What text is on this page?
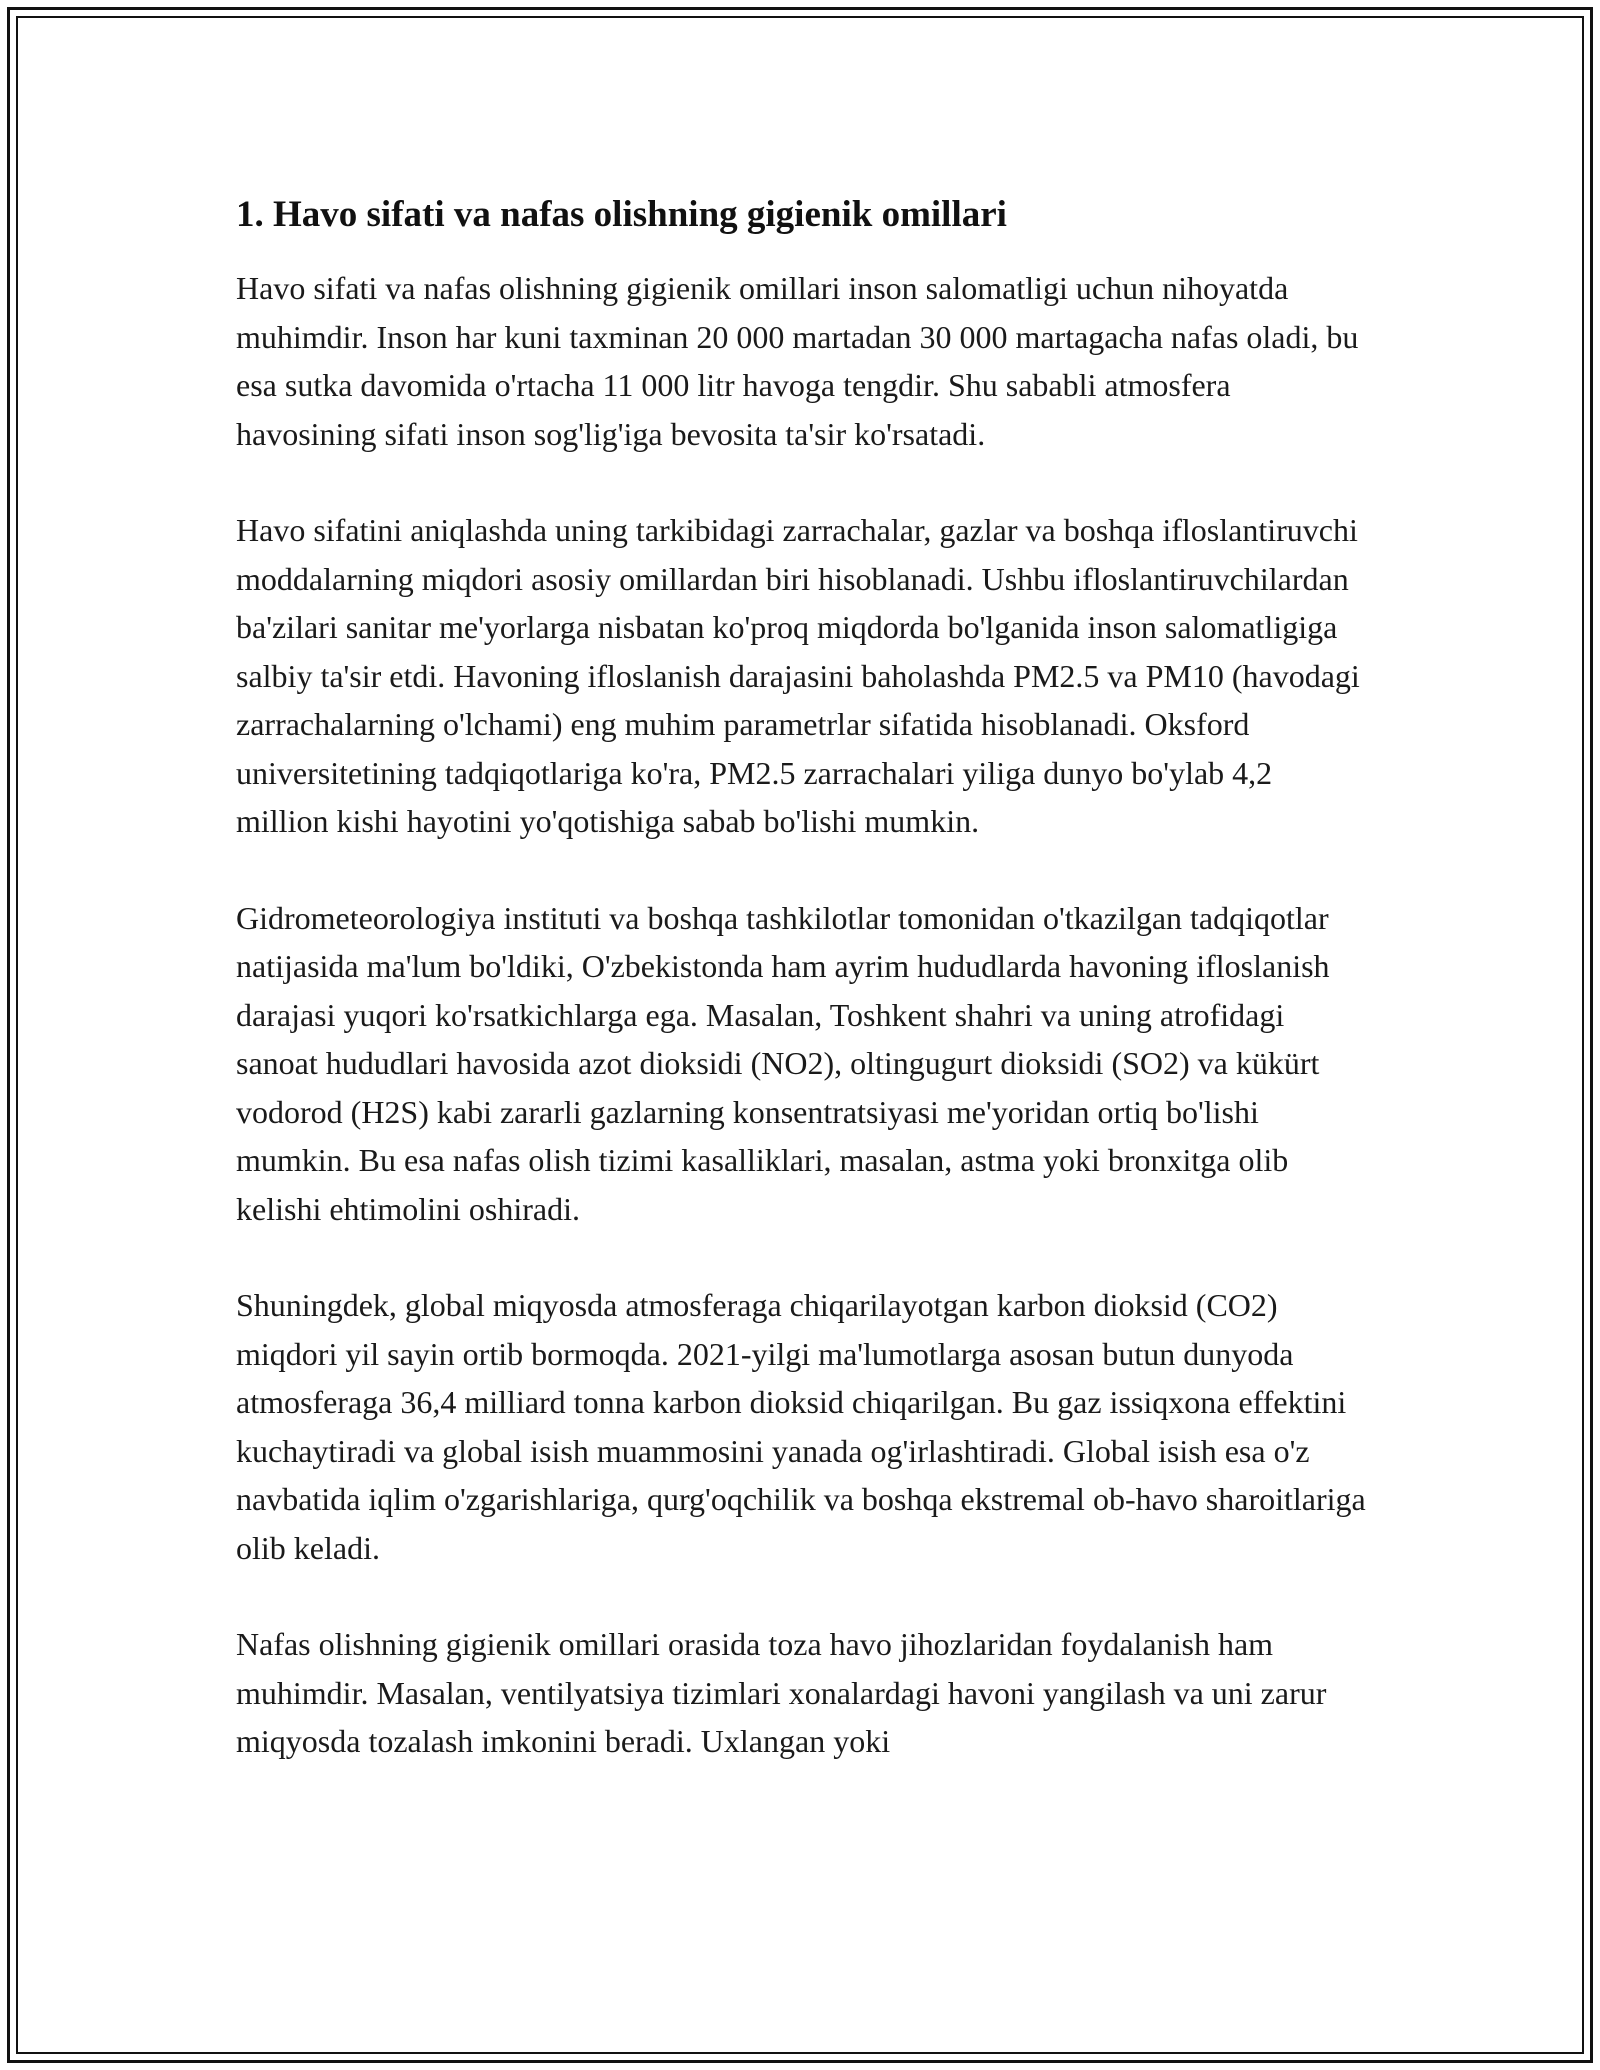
1. Havo sifati va nafas olishning gigienik omillari

Havo sifati va nafas olishning gigienik omillari inson salomatligi uchun nihoyatda muhimdir. Inson har kuni taxminan 20 000 martadan 30 000 martagacha nafas oladi, bu esa sutka davomida o'rtacha 11 000 litr havoga tengdir. Shu sababli atmosfera havosining sifati inson sog'lig'iga bevosita ta'sir ko'rsatadi.

Havo sifatini aniqlashda uning tarkibidagi zarrachalar, gazlar va boshqa ifloslantiruvchi moddalarning miqdori asosiy omillardan biri hisoblanadi. Ushbu ifloslantiruvchilardan ba'zilari sanitar me'yorlarga nisbatan ko'proq miqdorda bo'lganida inson salomatligiga salbiy ta'sir etdi. Havoning ifloslanish darajasini baholashda PM2.5 va PM10 (havodagi zarrachalarning o'lchami) eng muhim parametrlar sifatida hisoblanadi. Oksford universitetining tadqiqotlariga ko'ra, PM2.5 zarrachalari yiliga dunyo bo'ylab 4,2 million kishi hayotini yo'qotishiga sabab bo'lishi mumkin.

Gidrometeorologiya instituti va boshqa tashkilotlar tomonidan o'tkazilgan tadqiqotlar natijasida ma'lum bo'ldiki, O'zbekistonda ham ayrim hududlarda havoning ifloslanish darajasi yuqori ko'rsatkichlarga ega. Masalan, Toshkent shahri va uning atrofidagi sanoat hududlari havosida azot dioksidi (NO2), oltingugurt dioksidi (SO2) va kükürt vodorod (H2S) kabi zararli gazlarning konsentratsiyasi me'yoridan ortiq bo'lishi mumkin. Bu esa nafas olish tizimi kasalliklari, masalan, astma yoki bronxitga olib kelishi ehtimolini oshiradi.

Shuningdek, global miqyosda atmosferaga chiqarilayotgan karbon dioksid (CO2) miqdori yil sayin ortib bormoqda. 2021-yilgi ma'lumotlarga asosan butun dunyoda atmosferaga 36,4 milliard tonna karbon dioksid chiqarilgan. Bu gaz issiqxona effektini kuchaytiradi va global isish muammosini yanada og'irlashtiradi. Global isish esa o'z navbatida iqlim o'zgarishlariga, qurg'oqchilik va boshqa ekstremal ob-havo sharoitlariga olib keladi.

Nafas olishning gigienik omillari orasida toza havo jihozlaridan foydalanish ham muhimdir. Masalan, ventilyatsiya tizimlari xonalardagi havoni yangilash va uni zarur miqyosda tozalash imkonini beradi. Uxlangan yoki
